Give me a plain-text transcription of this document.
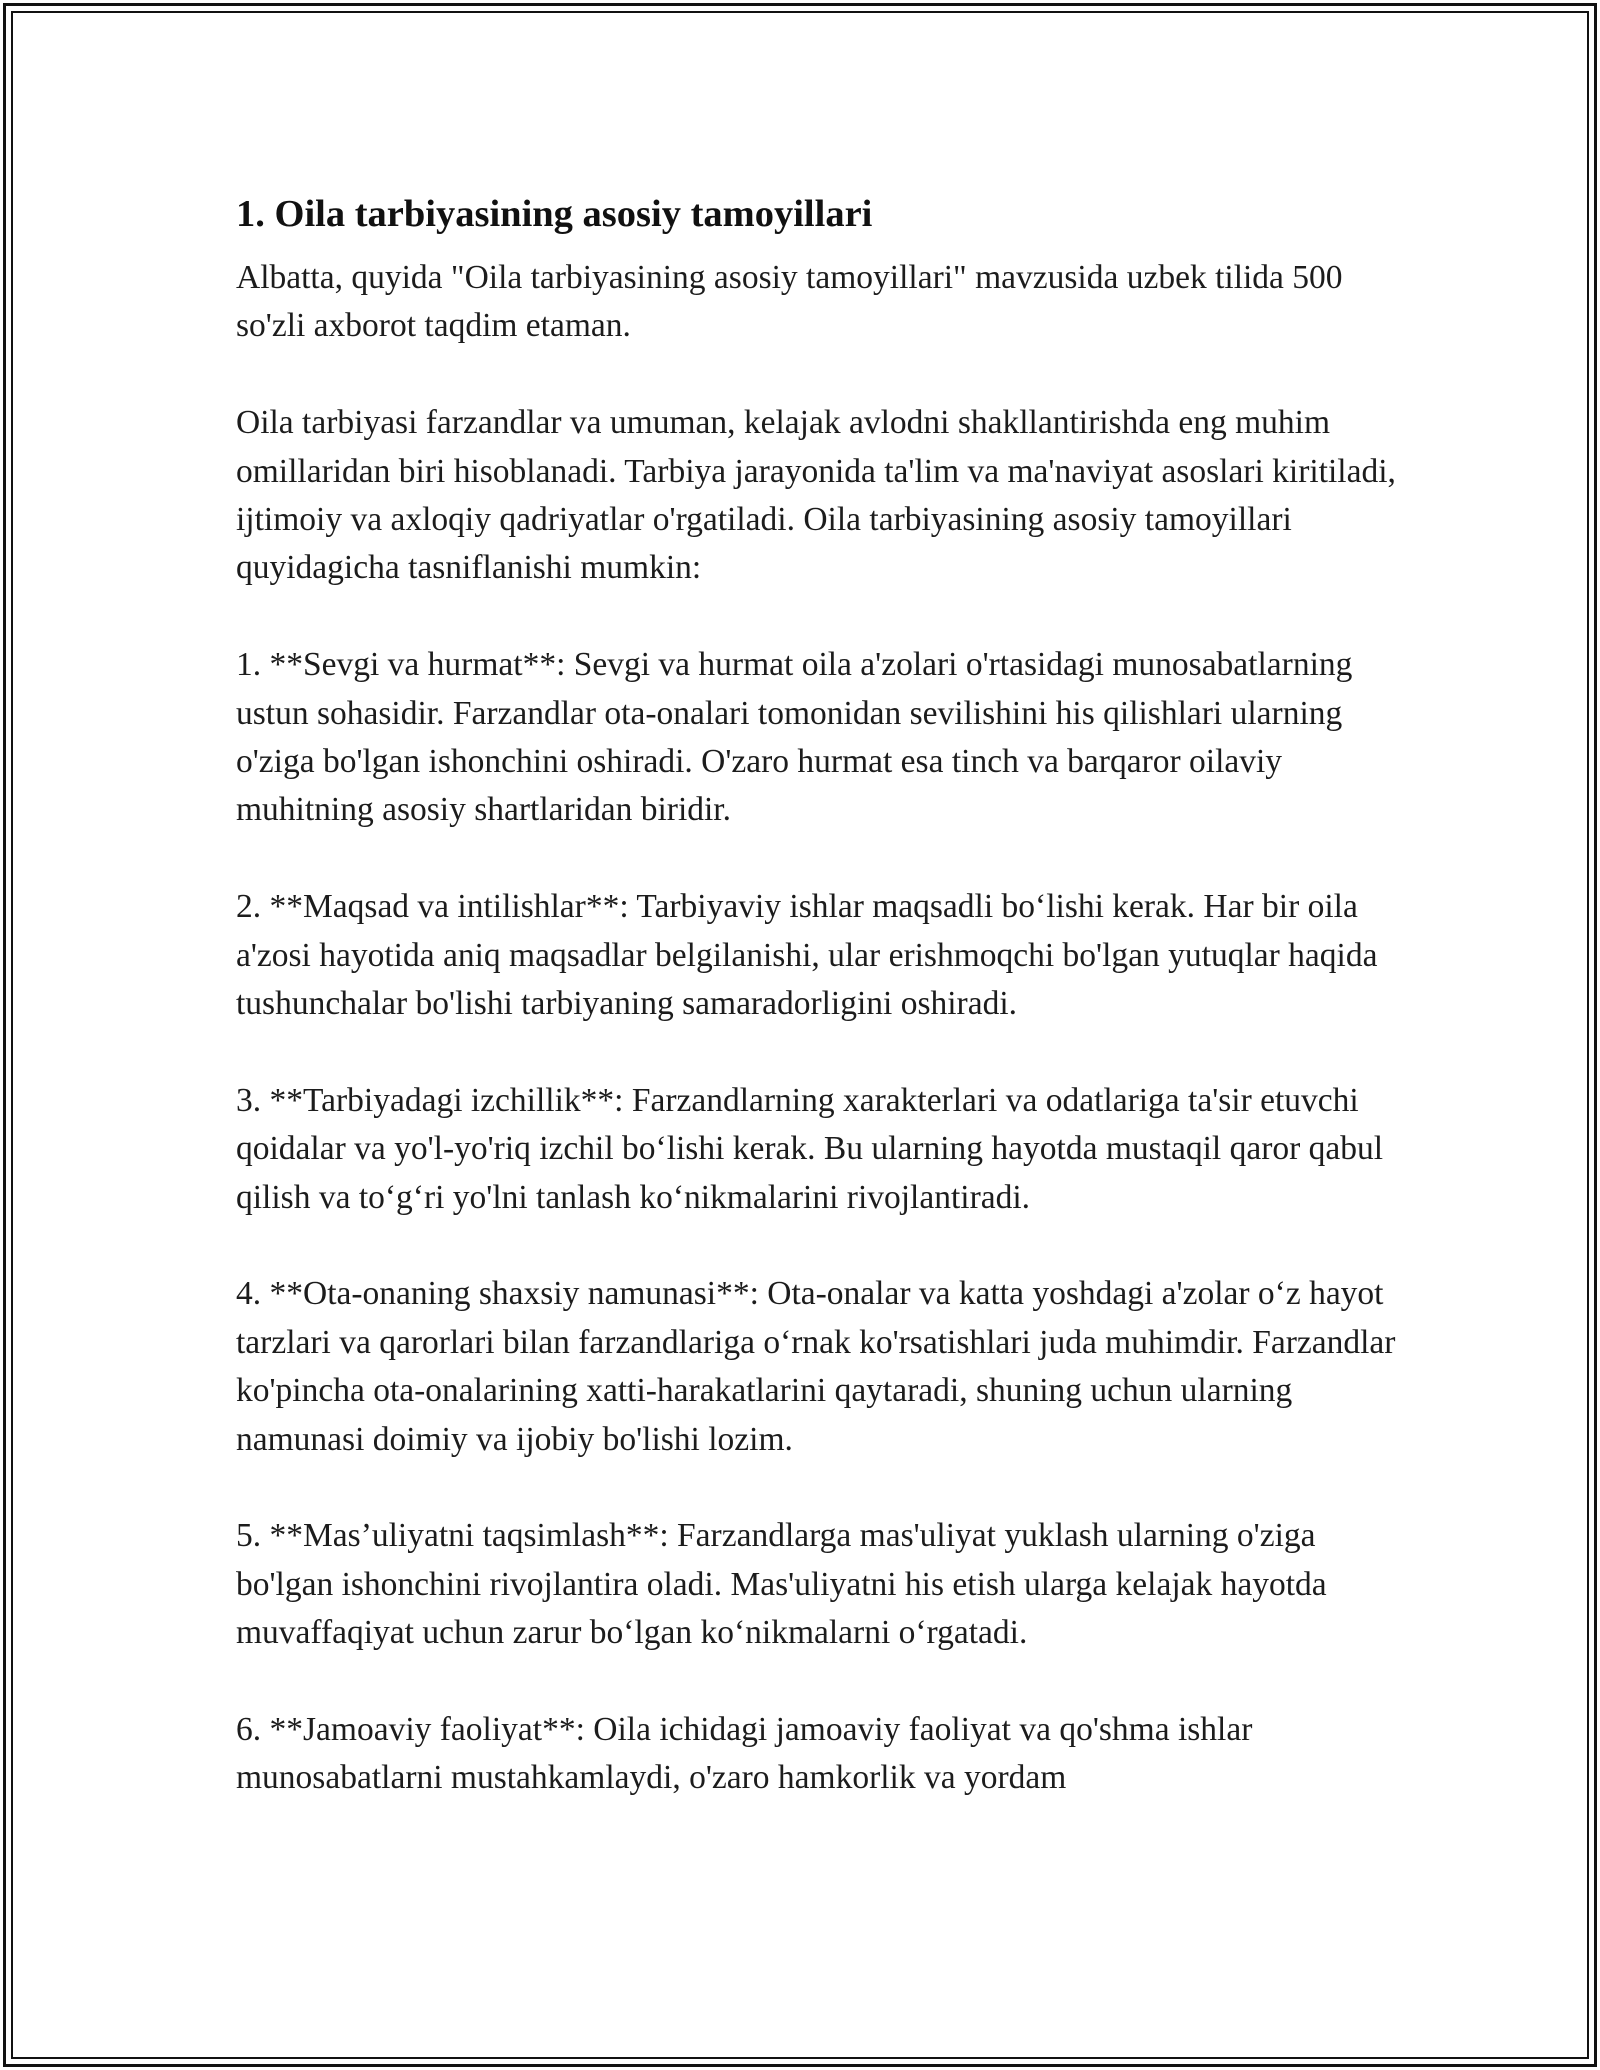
1. Oila tarbiyasining asosiy tamoyillari

Albatta, quyida "Oila tarbiyasining asosiy tamoyillari" mavzusida uzbek tilida 500 so'zli axborot taqdim etaman.

Oila tarbiyasi farzandlar va umuman, kelajak avlodni shakllantirishda eng muhim omillaridan biri hisoblanadi. Tarbiya jarayonida ta'lim va ma'naviyat asoslari kiritiladi, ijtimoiy va axloqiy qadriyatlar o'rgatiladi. Oila tarbiyasining asosiy tamoyillari quyidagicha tasniflanishi mumkin:

1. **Sevgi va hurmat**: Sevgi va hurmat oila a'zolari o'rtasidagi munosabatlarning ustun sohasidir. Farzandlar ota-onalari tomonidan sevilishini his qilishlari ularning o'ziga bo'lgan ishonchini oshiradi. O'zaro hurmat esa tinch va barqaror oilaviy muhitning asosiy shartlaridan biridir.

2. **Maqsad va intilishlar**: Tarbiyaviy ishlar maqsadli bo‘lishi kerak. Har bir oila a'zosi hayotida aniq maqsadlar belgilanishi, ular erishmoqchi bo'lgan yutuqlar haqida tushunchalar bo'lishi tarbiyaning samaradorligini oshiradi.

3. **Tarbiyadagi izchillik**: Farzandlarning xarakterlari va odatlariga ta'sir etuvchi qoidalar va yo'l-yo'riq izchil bo‘lishi kerak. Bu ularning hayotda mustaqil qaror qabul qilish va to‘g‘ri yo'lni tanlash ko‘nikmalarini rivojlantiradi.

4. **Ota-onaning shaxsiy namunasi**: Ota-onalar va katta yoshdagi a'zolar o‘z hayot tarzlari va qarorlari bilan farzandlariga o‘rnak ko'rsatishlari juda muhimdir. Farzandlar ko'pincha ota-onalarining xatti-harakatlarini qaytaradi, shuning uchun ularning namunasi doimiy va ijobiy bo'lishi lozim.

5. **Mas’uliyatni taqsimlash**: Farzandlarga mas'uliyat yuklash ularning o'ziga bo'lgan ishonchini rivojlantira oladi. Mas'uliyatni his etish ularga kelajak hayotda muvaffaqiyat uchun zarur bo‘lgan ko‘nikmalarni o‘rgatadi.

6. **Jamoaviy faoliyat**: Oila ichidagi jamoaviy faoliyat va qo'shma ishlar munosabatlarni mustahkamlaydi, o'zaro hamkorlik va yordam
